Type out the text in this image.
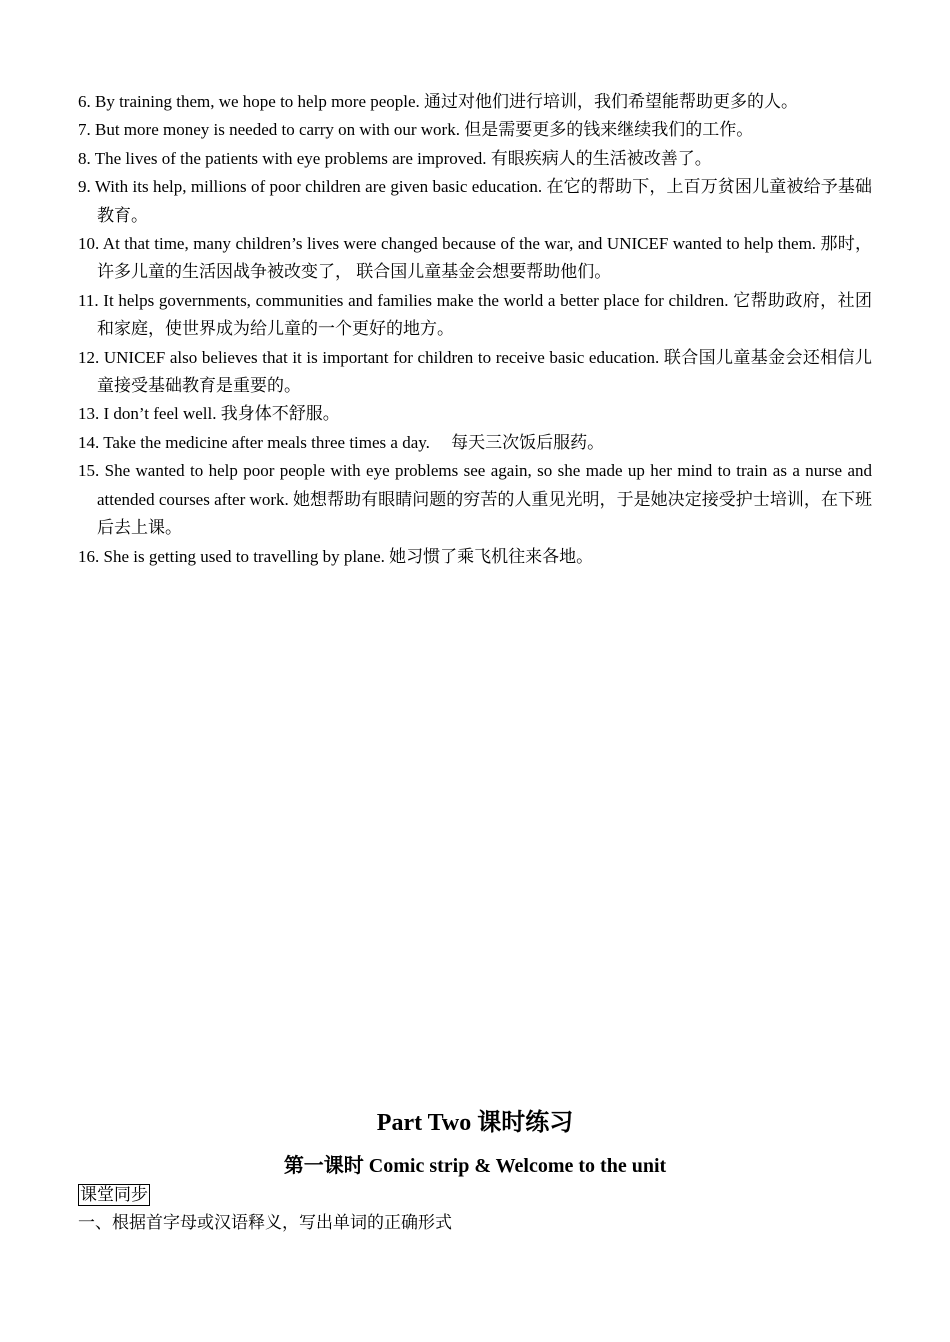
6. By training them, we hope to help more people. 通过对他们进行培训，我们希望能帮助更多的人。
7. But more money is needed to carry on with our work. 但是需要更多的钱来继续我们的工作。
8. The lives of the patients with eye problems are improved. 有眼疾病人的生活被改善了。
9. With its help, millions of poor children are given basic education. 在它的帮助下，上百万贫困儿童被给予基础教育。
10. At that time, many children’s lives were changed because of the war, and UNICEF wanted to help them. 那时，许多儿童的生活因战争被改变了， 联合国儿童基金会想要帮助他们。
11. It helps governments, communities and families make the world a better place for children. 它帮助政府，社团和家庭，使世界成为给儿童的一个更好的地方。
12. UNICEF also believes that it is important for children to receive basic education. 联合国儿童基金会还相信儿童接受基础教育是重要的。
13. I don’t feel well. 我身体不舒服。
14. Take the medicine after meals three times a day.　 每天三次饭后服药。
15. She wanted to help poor people with eye problems see again, so she made up her mind to train as a nurse and attended courses after work. 她想帮助有眼睛问题的穷苦的人重见光明，于是她决定接受护士培训，在下班后去上课。
16. She is getting used to travelling by plane. 她习惯了乘飞机往来各地。
Part Two 课时练习
第一课时 Comic strip & Welcome to the unit
课堂同步
一、根据首字母或汉语释义，写出单词的正确形式
